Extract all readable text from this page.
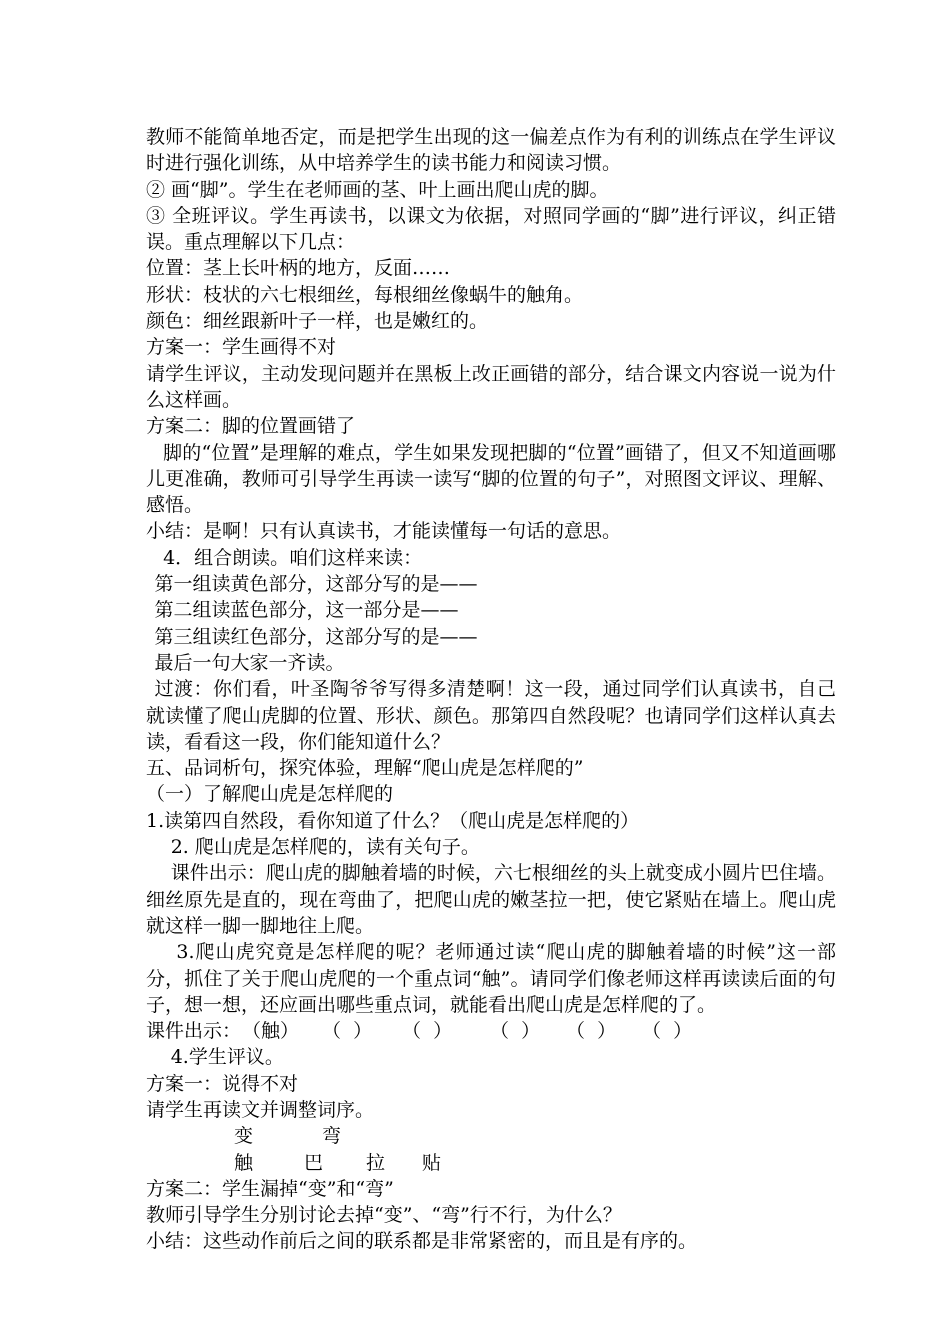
教师不能简单地否定，而是把学生出现的这一偏差点作为有利的训练点在学生评议时进行强化训练，从中培养学生的读书能力和阅读习惯。

② 画“脚”。学生在老师画的茎、叶上画出爬山虎的脚。

③ 全班评议。学生再读书，以课文为依据，对照同学画的“脚”进行评议，纠正错误。重点理解以下几点：

位置：茎上长叶柄的地方，反面……

形状：枝状的六七根细丝，每根细丝像蜗牛的触角。

颜色：细丝跟新叶子一样，也是嫩红的。

方案一：学生画得不对

请学生评议，主动发现问题并在黑板上改正画错的部分，结合课文内容说一说为什么这样画。

方案二：脚的位置画错了

脚的“位置”是理解的难点，学生如果发现把脚的“位置”画错了，但又不知道画哪儿更准确，教师可引导学生再读一读写“脚的位置的句子”，对照图文评议、理解、感悟。

小结：是啊！只有认真读书，才能读懂每一句话的意思。

4．组合朗读。咱们这样来读：

第一组读黄色部分，这部分写的是——

第二组读蓝色部分，这一部分是——

第三组读红色部分，这部分写的是——

最后一句大家一齐读。

过渡：你们看，叶圣陶爷爷写得多清楚啊！这一段，通过同学们认真读书，自己就读懂了爬山虎脚的位置、形状、颜色。那第四自然段呢？也请同学们这样认真去读，看看这一段，你们能知道什么？

五、品词析句，探究体验，理解“爬山虎是怎样爬的”

（一）了解爬山虎是怎样爬的

1.读第四自然段，看你知道了什么？（爬山虎是怎样爬的）

2. 爬山虎是怎样爬的，读有关句子。

课件出示：爬山虎的脚触着墙的时候，六七根细丝的头上就变成小圆片巴住墙。细丝原先是直的，现在弯曲了，把爬山虎的嫩茎拉一把，使它紧贴在墙上。爬山虎就这样一脚一脚地往上爬。

3.爬山虎究竟是怎样爬的呢？老师通过读“爬山虎的脚触着墙的时候”这一部分，抓住了关于爬山虎爬的一个重点词“触”。请同学们像老师这样再读读后面的句子，想一想，还应画出哪些重点词，就能看出爬山虎是怎样爬的了。

课件出示： （触）	（  ）	（  ）	（  ）	（  ）	（  ）

4.学生评议。

方案一：说得不对

请学生再读文并调整词序。

变	弯
触	巴	拉	贴

方案二：学生漏掉“变”和“弯”

教师引导学生分别讨论去掉“变”、“弯”行不行，为什么？

小结：这些动作前后之间的联系都是非常紧密的，而且是有序的。
